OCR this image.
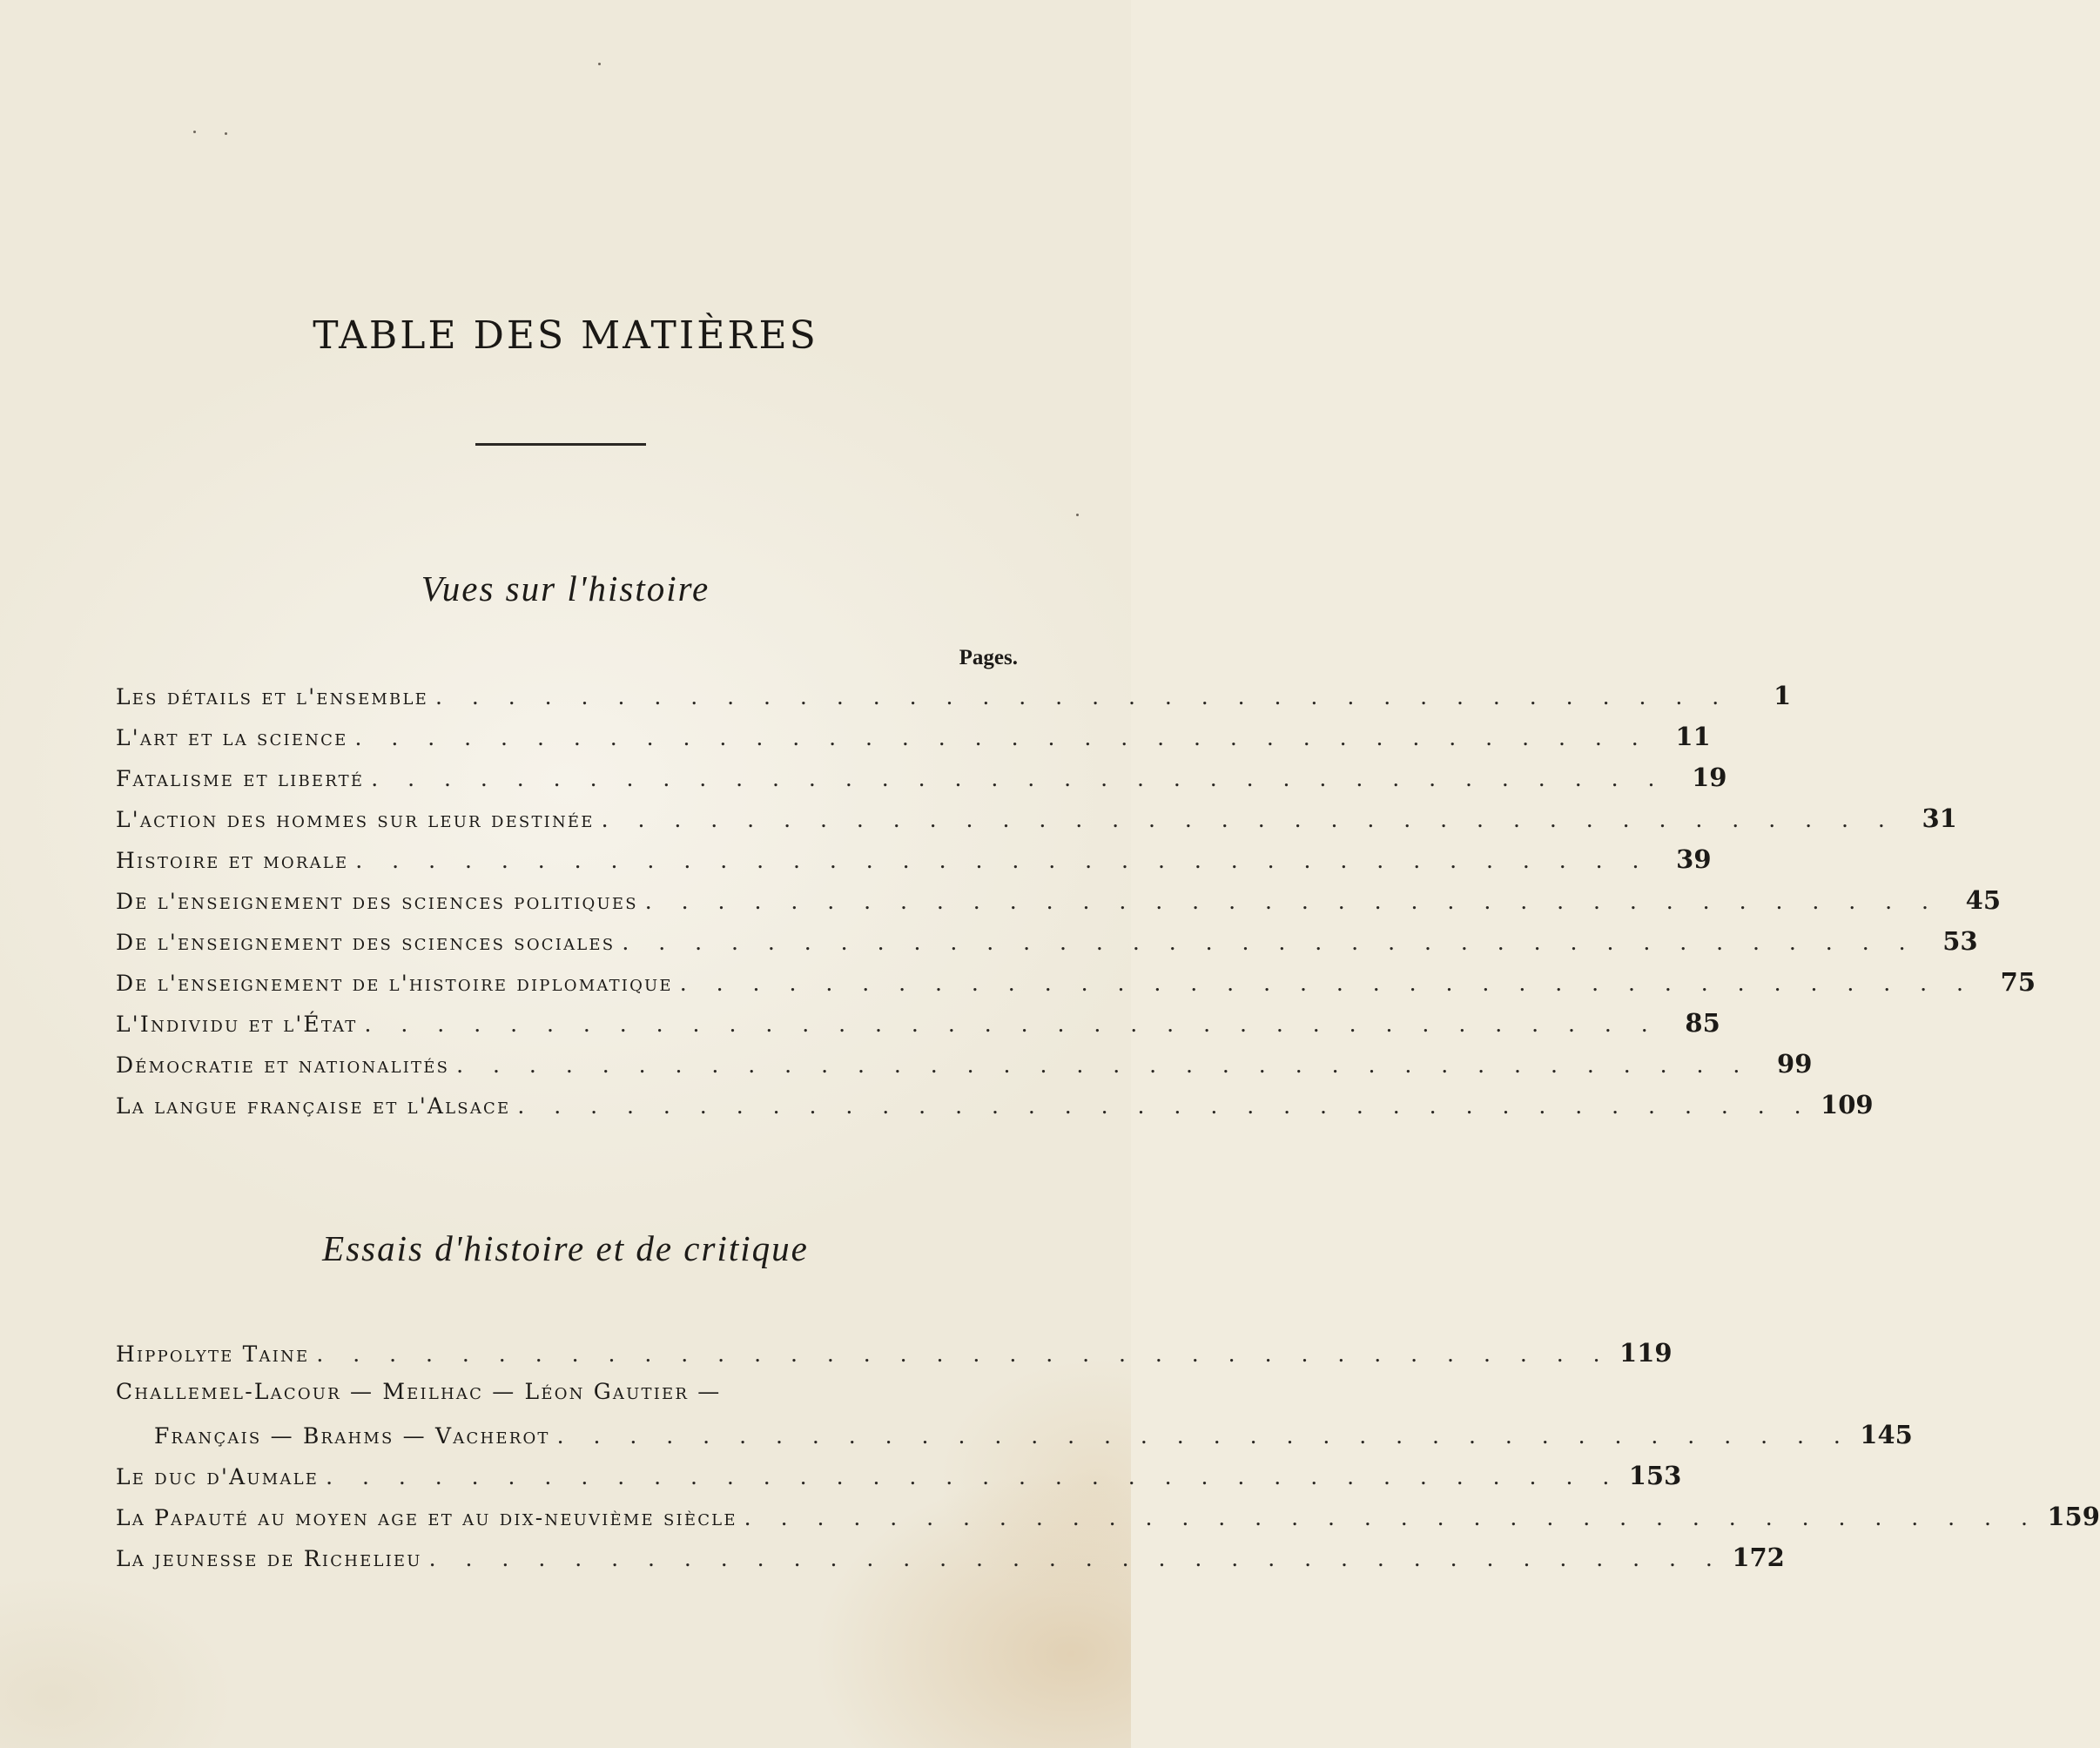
TABLE DES MATIÈRES
Vues sur l'histoire
Pages.
Les détails et l'ensemble . . . . . . . . . . . . . . . . . . . . . . . . . . . . . . . . . . . .	1
L'art et la science . . . . . . . . . . . . . . . . . . . . . . . . . . . . . . . . . . . .	11
Fatalisme et liberté . . . . . . . . . . . . . . . . . . . . . . . . . . . . . . . . . . . .	19
L'action des hommes sur leur destinée . . . . . . . . . . . . . . . . . . . . . . . . . . . . . . . . . . . .	31
Histoire et morale . . . . . . . . . . . . . . . . . . . . . . . . . . . . . . . . . . . .	39
De l'enseignement des sciences politiques . . . . . . . . . . . . . . . . . . . . . . . . . . . . . . . . . . . .	45
De l'enseignement des sciences sociales . . . . . . . . . . . . . . . . . . . . . . . . . . . . . . . . . . . .	53
De l'enseignement de l'histoire diplomatique . . . . . . . . . . . . . . . . . . . . . . . . . . . . . . . . . . . .	75
L'Individu et l'État . . . . . . . . . . . . . . . . . . . . . . . . . . . . . . . . . . . .	85
Démocratie et nationalités . . . . . . . . . . . . . . . . . . . . . . . . . . . . . . . . . . . .	99
La langue française et l'Alsace . . . . . . . . . . . . . . . . . . . . . . . . . . . . . . . . . . . . 109
Essais d'histoire et de critique
Hippolyte Taine . . . . . . . . . . . . . . . . . . . . . . . . . . . . . . . . . . . . 119
Challemel-Lacour — Meilhac — Léon Gautier —
Français — Brahms — Vacherot . . . . . . . . . . . . . . . . . . . . . . . . . . . . . . . . . . . . 145
Le duc d'Aumale . . . . . . . . . . . . . . . . . . . . . . . . . . . . . . . . . . . . 153
La Papauté au moyen age et au dix-neuvième siècle . . . . . . . . . . . . . . . . . . . . . . . . . . . . . . . . . . . . 159
La jeunesse de Richelieu . . . . . . . . . . . . . . . . . . . . . . . . . . . . . . . . . . . . 172
